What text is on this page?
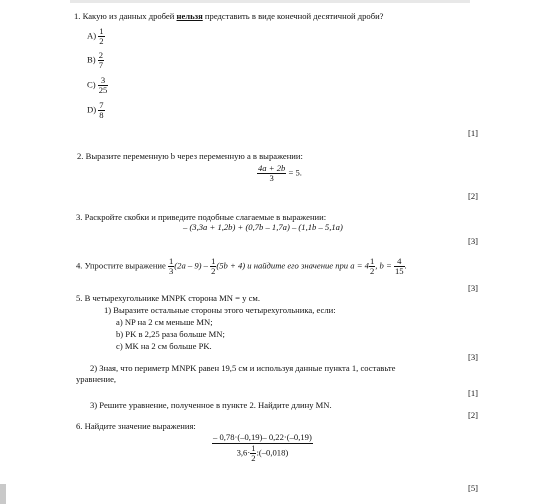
1. Какую из данных дробей нельзя представить в виде конечной десятичной дроби?
$A) \frac{1}{2}$
$B) \frac{2}{7}$
$C) \frac{3}{25}$
$D) \frac{7}{8}$
[1]
2. Выразите переменную b через переменную a в выражении:
$\frac{4a + 2b}{3} = 5$.
[2]
3. Раскройте скобки и приведите подобные слагаемые в выражении:
– (3,3a + 1,2b) + (0,7b – 1,7a) – (1,1b – 5,1a)
[3]
4. Упростите выражение $\frac{1}{3} (2a - 9) - \frac{1}{2} (5b + 4)$ и найдите его значение при $a = 4 \frac{1}{2}$ , $b = \frac{4}{15}$ .
[3]
5. В четырехугольнике MNPK сторона MN = y см.
1) Выразите остальные стороны этого четырехугольника, если:
a) NP на 2 см меньше MN;
b) PK в 2,25 раза больше MN;
c) MK на 2 см больше PK.
[3]
2) Зная, что периметр MNPK равен 19,5 см и используя данные пункта 1, составьте
уравнение,
[1]
3) Решите уравнение, полученное в пункте 2. Найдите длину MN.
[2]
6. Найдите значение выражения:
$\frac{- 0,78\cdot(-0,19)- 0,22\cdot(-0,19)}{3,6\cdot \frac{1}{2} :(-0,018)}$
[5]
